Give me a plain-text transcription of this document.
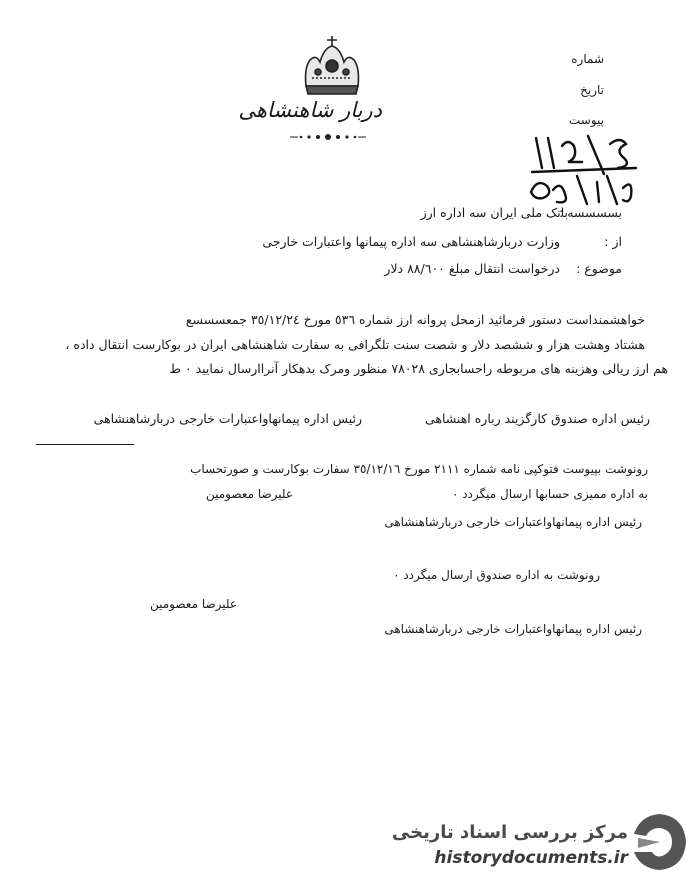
دربار شاهنشاهی
شماره
تاریخ
پیوست
بسسسسه :
بانک ملی ایران سه اداره ارز
از :
وزارت دربارشاهنشاهی سه اداره پیمانها واعتبارات خارجی
موضوع :
درخواست انتقال مبلغ ٨٨/٦٠٠ دلار
خواهشمنداست دستور فرمائید ازمحل پروانه ارز شماره ٥٣٦ مورخ ٣٥/١٢/٢٤ جمعسسسع
هشتاد وهشت هزار و ششصد دلار و شصت سنت تلگرافی به سفارت شاهنشاهی ایران در بوکارست انتقال داده ،
هم ارز ریالی وهزینه های مربوطه راحسابجاری ٧٨٠٢٨ منظور ومرک بدهکار آنراارسال نمایید ٠ ط
رئیس اداره پیمانهاواعتبارات خارجی دربارشاهنشاهی	رئیس اداره صندوق کارگزیند رباره اهنشاهی
رونوشت بپیوست فتوکپی نامه شماره ٢١١١ مورخ ٣٥/١٢/١٦ سفارت بوکارست و صورتحساب
به اداره ممیزی حسابها ارسال میگردد ٠
علیرضا معصومین
رئیس اداره پیمانهاواعتبارات خارجی دربارشاهنشاهی
رونوشت به اداره صندوق ارسال میگردد ٠
علیرضا معصومین
رئیس اداره پیمانهاواعتبارات خارجی دربارشاهنشاهی
مرکز بررسی اسناد تاریخی
historydocuments.ir
